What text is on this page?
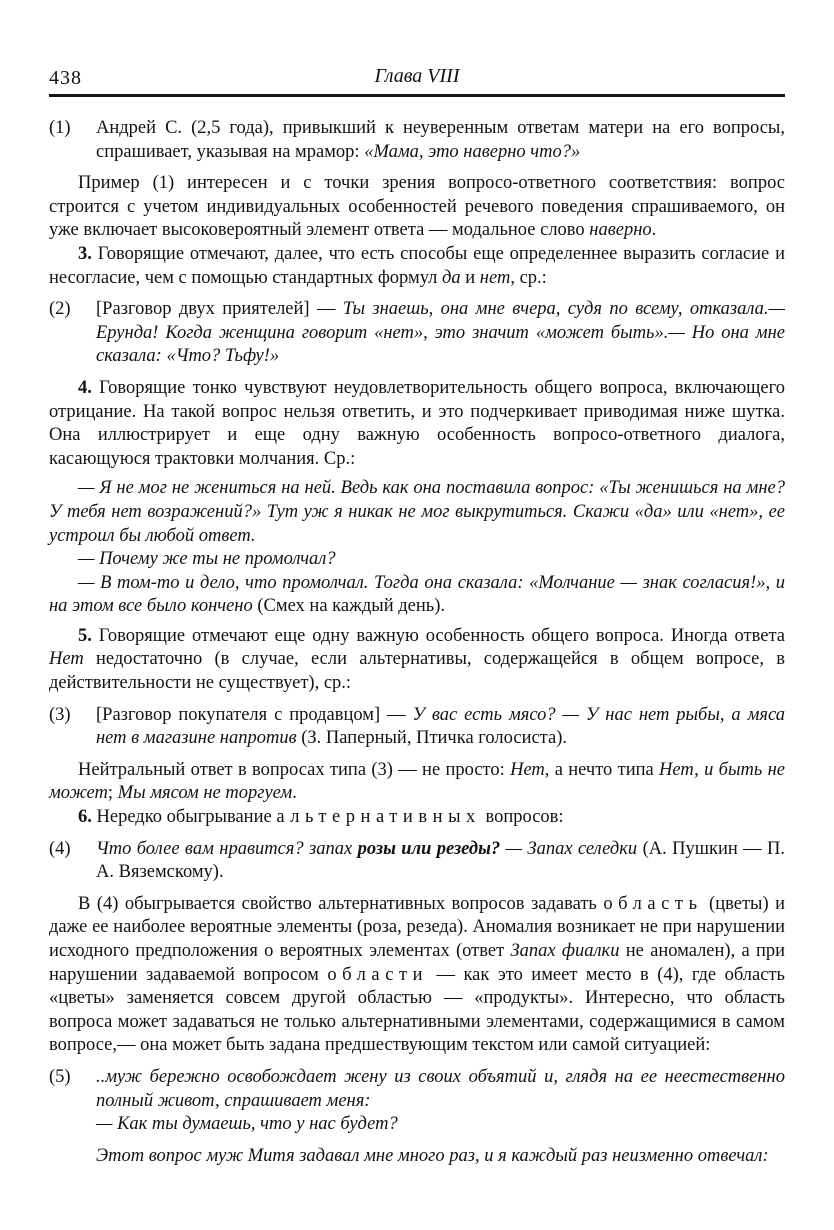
438	Глава VIII
(1) Андрей С. (2,5 года), привыкший к неуверенным ответам матери на его вопросы, спрашивает, указывая на мрамор: «Мама, это наверно что?»
Пример (1) интересен и с точки зрения вопросо-ответного соответствия: вопрос строится с учетом индивидуальных особенностей речевого поведения спрашиваемого, он уже включает высоковероятный элемент ответа — модальное слово наверно.
3. Говорящие отмечают, далее, что есть способы еще определеннее выразить согласие и несогласие, чем с помощью стандартных формул да и нет, ср.:
(2) [Разговор двух приятелей] — Ты знаешь, она мне вчера, судя по всему, отказала.— Ерунда! Когда женщина говорит «нет», это значит «может быть».— Но она мне сказала: «Что? Тьфу!»
4. Говорящие тонко чувствуют неудовлетворительность общего вопроса, включающего отрицание. На такой вопрос нельзя ответить, и это подчеркивает приводимая ниже шутка. Она иллюстрирует и еще одну важную особенность вопросо-ответного диалога, касающуюся трактовки молчания. Ср.:
— Я не мог не жениться на ней. Ведь как она поставила вопрос: «Ты женишься на мне? У тебя нет возражений?» Тут уж я никак не мог выкрутиться. Скажи «да» или «нет», ее устроил бы любой ответ.
— Почему же ты не промолчал?
— В том-то и дело, что промолчал. Тогда она сказала: «Молчание — знак согласия!», и на этом все было кончено (Смех на каждый день).
5. Говорящие отмечают еще одну важную особенность общего вопроса. Иногда ответа Нет недостаточно (в случае, если альтернативы, содержащейся в общем вопросе, в действительности не существует), ср.:
(3) [Разговор покупателя с продавцом] — У вас есть мясо? — У нас нет рыбы, а мяса нет в магазине напротив (З. Паперный, Птичка голосиста).
Нейтральный ответ в вопросах типа (3) — не просто: Нет, а нечто типа Нет, и быть не может; Мы мясом не торгуем.
6. Нередко обыгрывание альтернативных вопросов:
(4) Что более вам нравится? запах розы или резеды? — Запах селедки (А. Пушкин — П. А. Вяземскому).
В (4) обыгрывается свойство альтернативных вопросов задавать область (цветы) и даже ее наиболее вероятные элементы (роза, резеда). Аномалия возникает не при нарушении исходного предположения о вероятных элементах (ответ Запах фиалки не аномален), а при нарушении задаваемой вопросом области — как это имеет место в (4), где область «цветы» заменяется совсем другой областью — «продукты». Интересно, что область вопроса может задаваться не только альтернативными элементами, содержащимися в самом вопросе,— она может быть задана предшествующим текстом или самой ситуацией:
(5) ..муж бережно освобождает жену из своих объятий и, глядя на ее неестественно полный живот, спрашивает меня:
— Как ты думаешь, что у нас будет?
Этот вопрос муж Митя задавал мне много раз, и я каждый раз неизменно отвечал:
